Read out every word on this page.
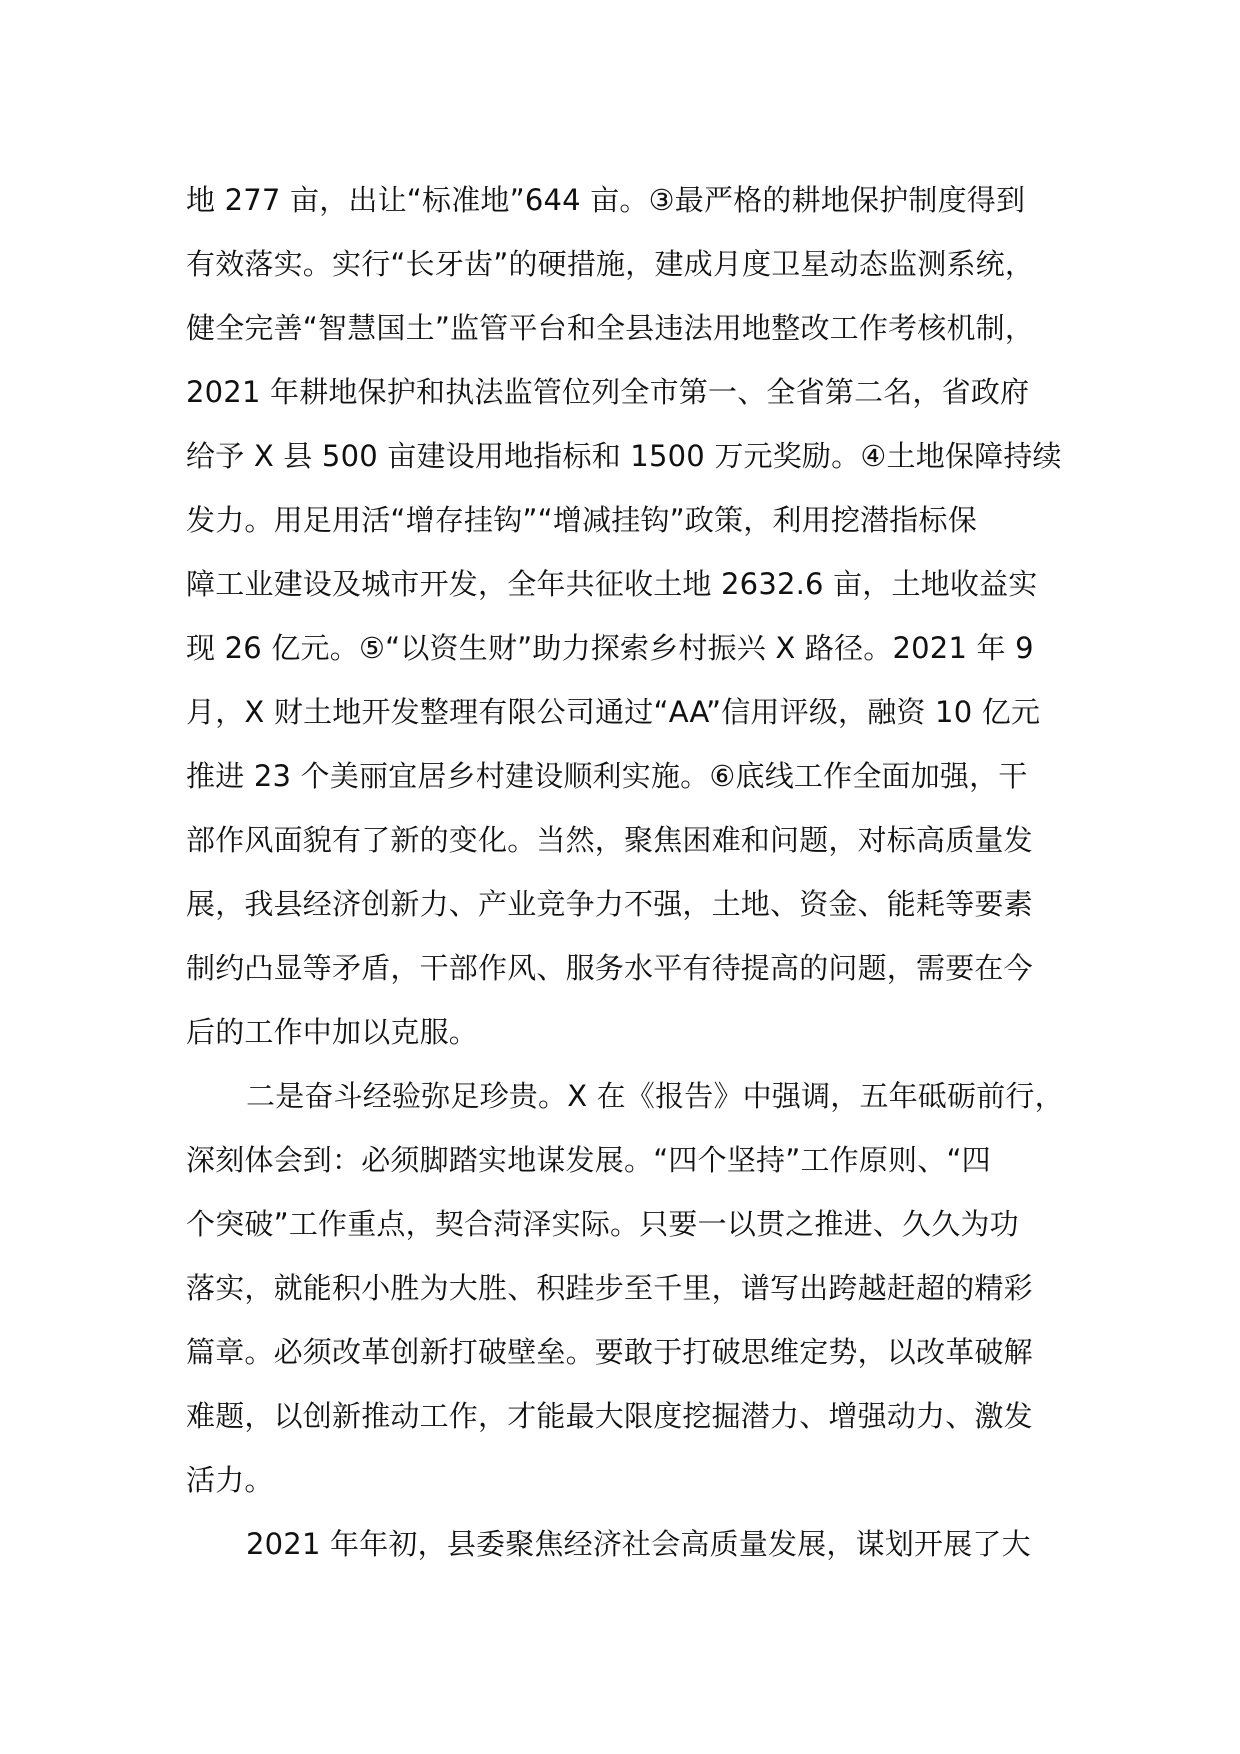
地 277 亩，出让“标准地”644 亩。③最严格的耕地保护制度得到
有效落实。实行“长牙齿”的硬措施，建成月度卫星动态监测系统，
健全完善“智慧国土”监管平台和全县违法用地整改工作考核机制，
2021 年耕地保护和执法监管位列全市第一、全省第二名，省政府
给予 X 县 500 亩建设用地指标和 1500 万元奖励。④土地保障持续
发力。用足用活“增存挂钩”“增减挂钩”政策，利用挖潜指标保
障工业建设及城市开发，全年共征收土地 2632.6 亩，土地收益实
现 26 亿元。⑤“以资生财”助力探索乡村振兴 X 路径。2021 年 9
月，X 财土地开发整理有限公司通过“AA”信用评级，融资 10 亿元
推进 23 个美丽宜居乡村建设顺利实施。⑥底线工作全面加强，干
部作风面貌有了新的变化。当然，聚焦困难和问题，对标高质量发
展，我县经济创新力、产业竞争力不强，土地、资金、能耗等要素
制约凸显等矛盾，干部作风、服务水平有待提高的问题，需要在今
后的工作中加以克服。
二是奋斗经验弥足珍贵。X 在《报告》中强调，五年砥砺前行，
深刻体会到：必须脚踏实地谋发展。“四个坚持”工作原则、“四
个突破”工作重点，契合菏泽实际。只要一以贯之推进、久久为功
落实，就能积小胜为大胜、积跬步至千里，谱写出跨越赶超的精彩
篇章。必须改革创新打破壁垒。要敢于打破思维定势，以改革破解
难题，以创新推动工作，才能最大限度挖掘潜力、增强动力、激发
活力。
2021 年年初，县委聚焦经济社会高质量发展，谋划开展了大
